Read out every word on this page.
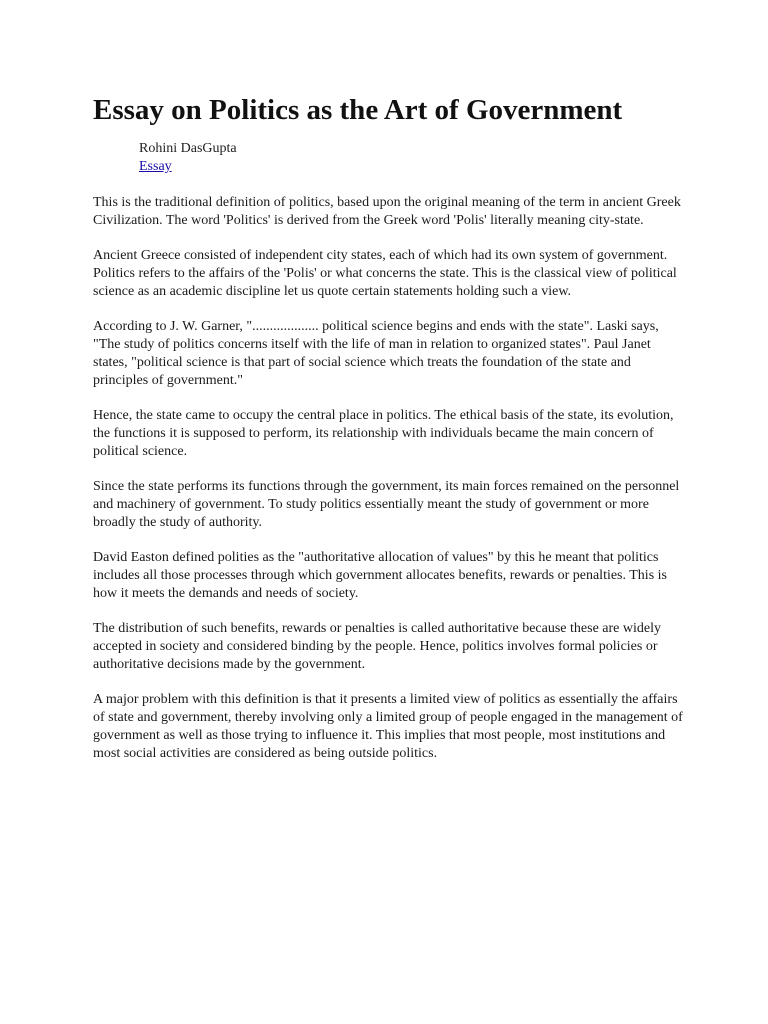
Essay on Politics as the Art of Government
Rohini DasGupta
Essay

This is the traditional definition of politics, based upon the original meaning of the term in ancient Greek Civilization. The word 'Politics' is derived from the Greek word 'Polis' literally meaning city-state.

Ancient Greece consisted of independent city states, each of which had its own system of government. Politics refers to the affairs of the 'Polis' or what concerns the state. This is the classical view of political science as an academic discipline let us quote certain statements holding such a view.

According to J. W. Garner, "................... political science begins and ends with the state". Laski says, "The study of politics concerns itself with the life of man in relation to organized states". Paul Janet states, "political science is that part of social science which treats the foundation of the state and principles of government."

Hence, the state came to occupy the central place in politics. The ethical basis of the state, its evolution, the functions it is supposed to perform, its relationship with individuals became the main concern of political science.

Since the state performs its functions through the government, its main forces remained on the personnel and machinery of government. To study politics essentially meant the study of government or more broadly the study of authority.

David Easton defined polities as the "authoritative allocation of values" by this he meant that politics includes all those processes through which government allocates benefits, rewards or penalties. This is how it meets the demands and needs of society.

The distribution of such benefits, rewards or penalties is called authoritative because these are widely accepted in society and considered binding by the people. Hence, politics involves formal policies or authoritative decisions made by the government.

A major problem with this definition is that it presents a limited view of politics as essentially the affairs of state and government, thereby involving only a limited group of people engaged in the management of government as well as those trying to influence it. This implies that most people, most institutions and most social activities are considered as being outside politics.
